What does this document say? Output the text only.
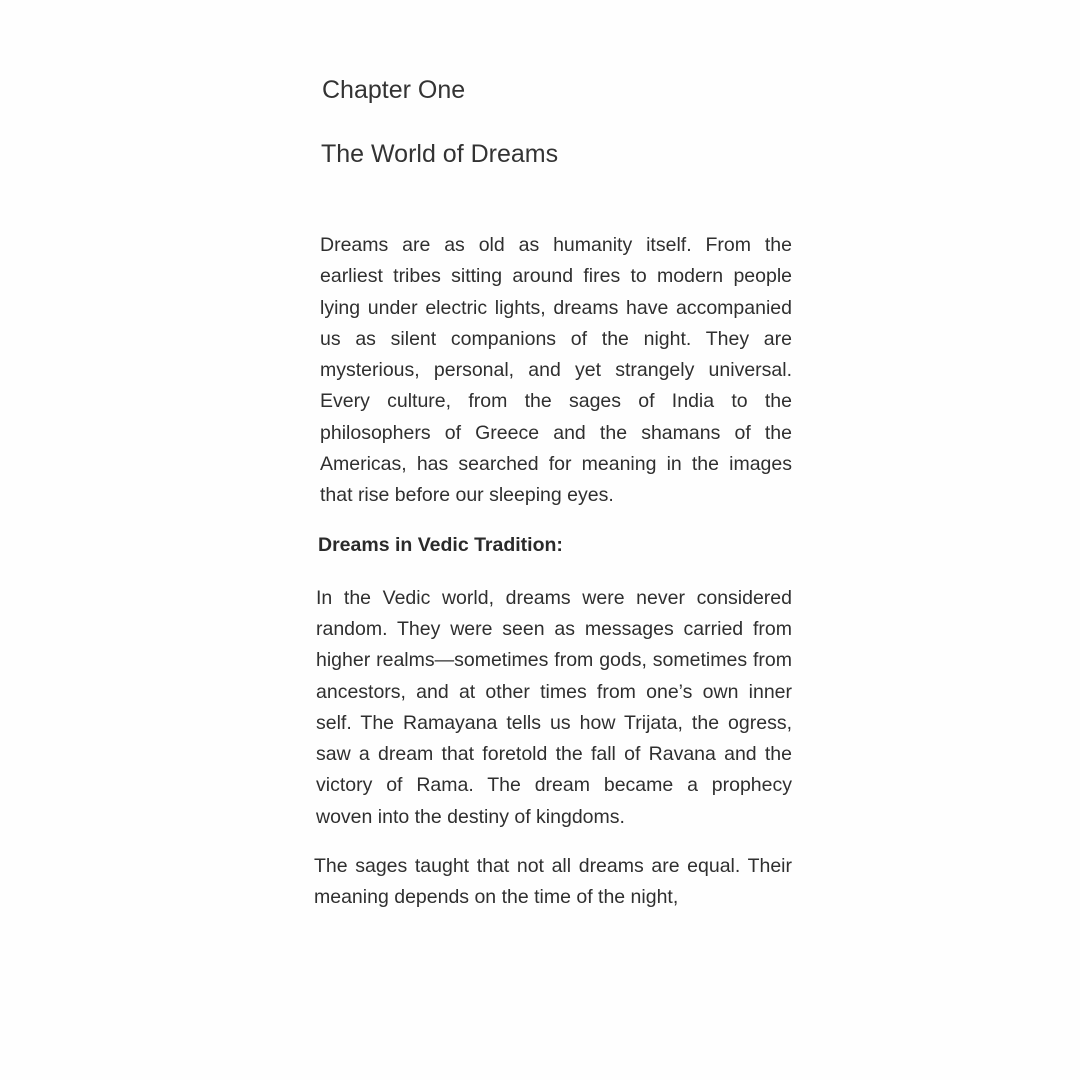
Chapter One
The World of Dreams

Dreams are as old as humanity itself. From the earliest tribes sitting around fires to modern people lying under electric lights, dreams have accompanied us as silent companions of the night. They are mysterious, personal, and yet strangely universal. Every culture, from the sages of India to the philosophers of Greece and the shamans of the Americas, has searched for meaning in the images that rise before our sleeping eyes.

Dreams in Vedic Tradition:

In the Vedic world, dreams were never considered random. They were seen as messages carried from higher realms—sometimes from gods, sometimes from ancestors, and at other times from one’s own inner self. The Ramayana tells us how Trijata, the ogress, saw a dream that foretold the fall of Ravana and the victory of Rama. The dream became a prophecy woven into the destiny of kingdoms.

The sages taught that not all dreams are equal. Their meaning depends on the time of the night,
